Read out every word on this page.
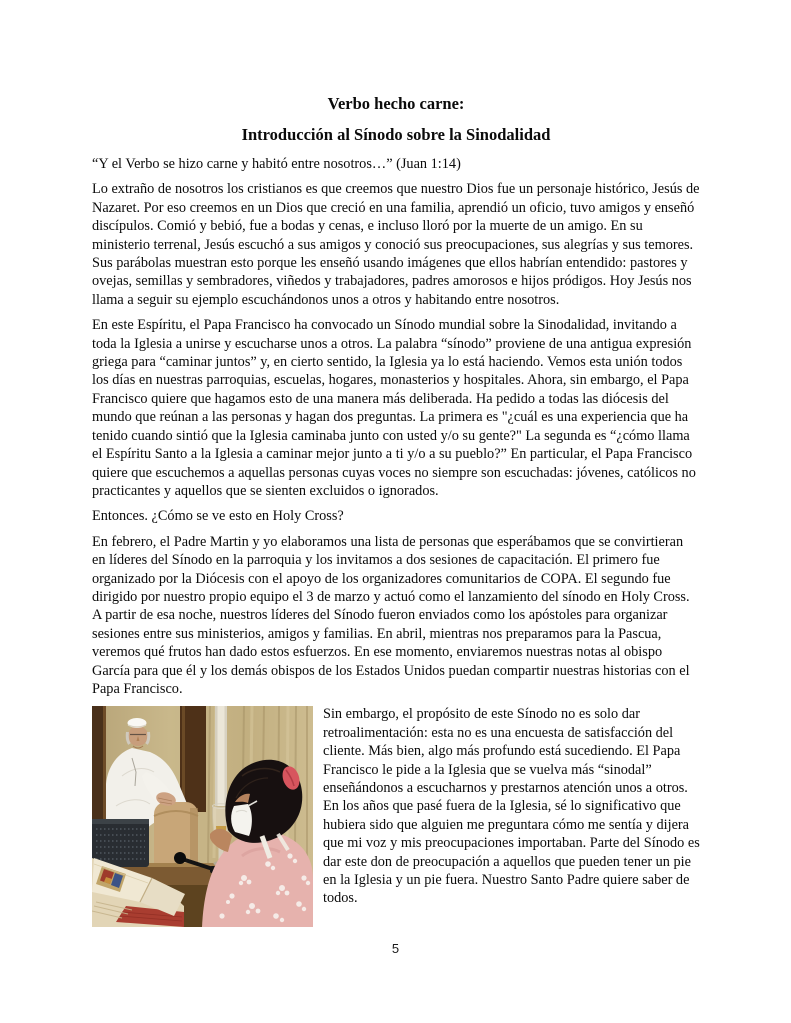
Verbo hecho carne:
Introducción al Sínodo sobre la Sinodalidad

“Y el Verbo se hizo carne y habitó entre nosotros…” (Juan 1:14)

Lo extraño de nosotros los cristianos es que creemos que nuestro Dios fue un personaje histórico, Jesús de Nazaret. Por eso creemos en un Dios que creció en una familia, aprendió un oficio, tuvo amigos y enseñó discípulos. Comió y bebió, fue a bodas y cenas, e incluso lloró por la muerte de un amigo. En su ministerio terrenal, Jesús escuchó a sus amigos y conoció sus preocupaciones, sus alegrías y sus temores. Sus parábolas muestran esto porque les enseñó usando imágenes que ellos habrían entendido: pastores y ovejas, semillas y sembradores, viñedos y trabajadores, padres amorosos e hijos pródigos. Hoy Jesús nos llama a seguir su ejemplo escuchándonos unos a otros y habitando entre nosotros.

En este Espíritu, el Papa Francisco ha convocado un Sínodo mundial sobre la Sinodalidad, invitando a toda la Iglesia a unirse y escucharse unos a otros. La palabra “sínodo” proviene de una antigua expresión griega para “caminar juntos” y, en cierto sentido, la Iglesia ya lo está haciendo. Vemos esta unión todos los días en nuestras parroquias, escuelas, hogares, monasterios y hospitales. Ahora, sin embargo, el Papa Francisco quiere que hagamos esto de una manera más deliberada. Ha pedido a todas las diócesis del mundo que reúnan a las personas y hagan dos preguntas. La primera es "¿cuál es una experiencia que ha tenido cuando sintió que la Iglesia caminaba junto con usted y/o su gente?" La segunda es “¿cómo llama el Espíritu Santo a la Iglesia a caminar mejor junto a ti y/o a su pueblo?” En particular, el Papa Francisco quiere que escuchemos a aquellas personas cuyas voces no siempre son escuchadas: jóvenes, católicos no practicantes y aquellos que se sienten excluidos o ignorados.

Entonces. ¿Cómo se ve esto en Holy Cross?

En febrero, el Padre Martin y yo elaboramos una lista de personas que esperábamos que se convirtieran en líderes del Sínodo en la parroquia y los invitamos a dos sesiones de capacitación. El primero fue organizado por la Diócesis con el apoyo de los organizadores comunitarios de COPA. El segundo fue dirigido por nuestro propio equipo el 3 de marzo y actuó como el lanzamiento del sínodo en Holy Cross. A partir de esa noche, nuestros líderes del Sínodo fueron enviados como los apóstoles para organizar sesiones entre sus ministerios, amigos y familias. En abril, mientras nos preparamos para la Pascua, veremos qué frutos han dado estos esfuerzos. En ese momento, enviaremos nuestras notas al obispo García para que él y los demás obispos de los Estados Unidos puedan compartir nuestras historias con el Papa Francisco.

Sin embargo, el propósito de este Sínodo no es solo dar retroalimentación: esta no es una encuesta de satisfacción del cliente. Más bien, algo más profundo está sucediendo. El Papa Francisco le pide a la Iglesia que se vuelva más “sinodal” enseñándonos a escucharnos y prestarnos atención unos a otros. En los años que pasé fuera de la Iglesia, sé lo significativo que hubiera sido que alguien me preguntara cómo me sentía y dijera que mi voz y mis preocupaciones importaban. Parte del Sínodo es dar este don de preocupación a aquellos que pueden tener un pie en la Iglesia y un pie fuera. Nuestro Santo Padre quiere saber de todos.

5
